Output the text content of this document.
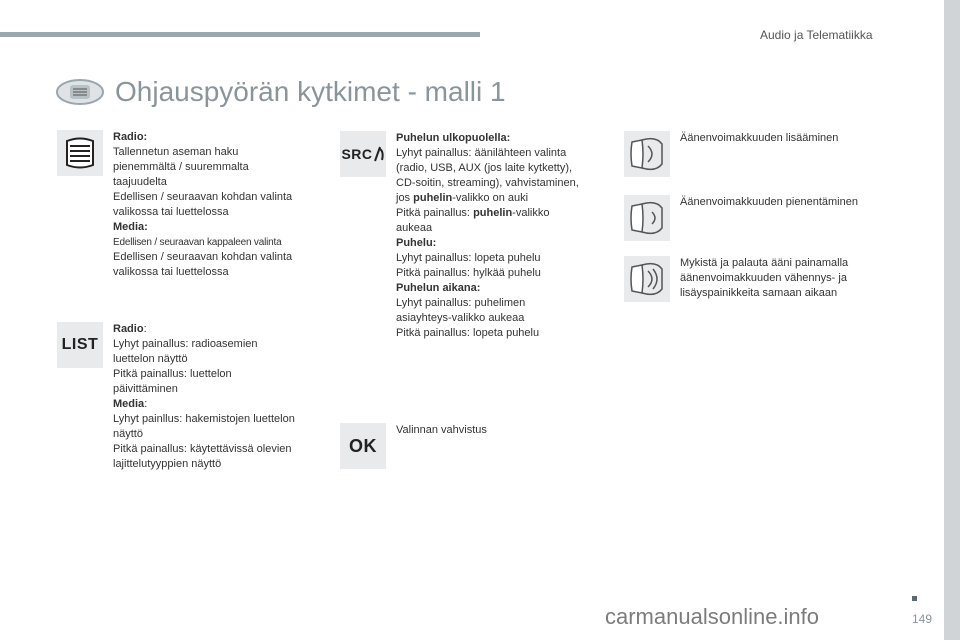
Audio ja Telematiikka
Ohjauspyörän kytkimet - malli 1
Radio:
Tallennetun aseman haku
pienemmältä / suuremmalta
taajuudelta
Edellisen / seuraavan kohdan valinta
valikossa tai luettelossa
Media:
Edellisen / seuraavan kappaleen valinta
Edellisen / seuraavan kohdan valinta
valikossa tai luettelossa
LIST
Radio:
Lyhyt painallus: radioasemien
luettelon näyttö
Pitkä painallus: luettelon
päivittäminen
Media:
Lyhyt painllus: hakemistojen luettelon
näyttö
Pitkä painallus: käytettävissä olevien
lajittelutyyppien näyttö
SRC
Puhelun ulkopuolella:
Lyhyt painallus: äänilähteen valinta
(radio, USB, AUX (jos laite kytketty),
CD-soitin, streaming), vahvistaminen,
jos puhelin-valikko on auki
Pitkä painallus: puhelin-valikko
aukeaa
Puhelu:
Lyhyt painallus: lopeta puhelu
Pitkä painallus: hylkää puhelu
Puhelun aikana:
Lyhyt painallus: puhelimen
asiayhteys-valikko aukeaa
Pitkä painallus: lopeta puhelu
OK
Valinnan vahvistus
Äänenvoimakkuuden lisääminen
Äänenvoimakkuuden pienentäminen
Mykistä ja palauta ääni painamalla
äänenvoimakkuuden vähennys- ja
lisäyspainikkeita samaan aikaan
carmanualsonline.info	149
